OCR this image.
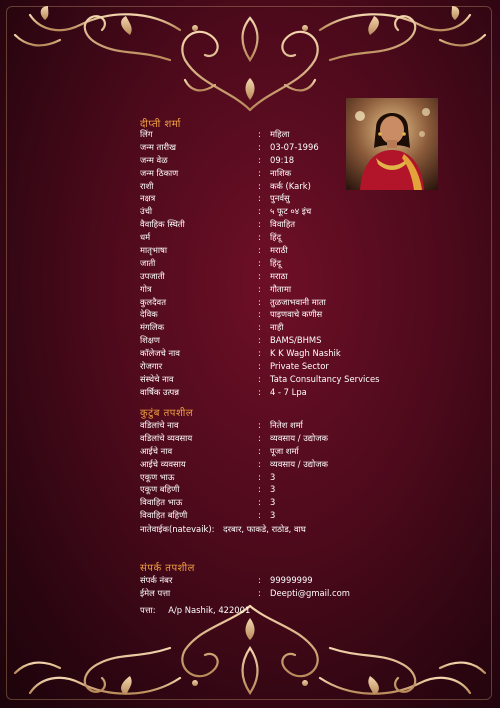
दीप्ती शर्मा
लिंग	: महिला
जन्म तारीख	: 03-07-1996
जन्म वेळ	: 09:18
जन्म ठिकाण	: नाशिक
राशी	: कर्क (Kark)
नक्षत्र	: पुनर्वसु
उंची	: ५ फूट ०४ इंच
वैवाहिक स्थिती	: विवाहित
धर्म	: हिंदू
मातृभाषा	: मराठी
जाती	: हिंदू
उपजाती	: मराठा
गोत्र	: गौतामा
कुलदैवत	: तुळजाभवानी माता
देविक	: पाइणवाचे कणीस
मंगलिक	: नाही
शिक्षण	: BAMS/BHMS
कॉलेजचे नाव	: K K Wagh Nashik
रोजगार	: Private Sector
संस्थेचे नाव	: Tata Consultancy Services
वार्षिक उत्पन्न	: 4 - 7 Lpa
कुटुंब तपशील
वडिलांचे नाव	: नितेश शर्मा
वडिलांचे व्यवसाय	: व्यवसाय / उद्योजक
आईचे नाव	: पूजा शर्मा
आईचे व्यवसाय	: व्यवसाय / उद्योजक
एकूण भाऊ	: 3
एकूण बहिणी	: 3
विवाहित भाऊ	: 3
विवाहित बहिणी	: 3
नातेवाईक(natevaik): दरबार, फाकडे, राठोड, वाघ
संपर्क तपशील
संपर्क नंबर	: 99999999
ईमेल पत्ता	: Deepti@gmail.com
पत्ता: A/p Nashik, 422001
